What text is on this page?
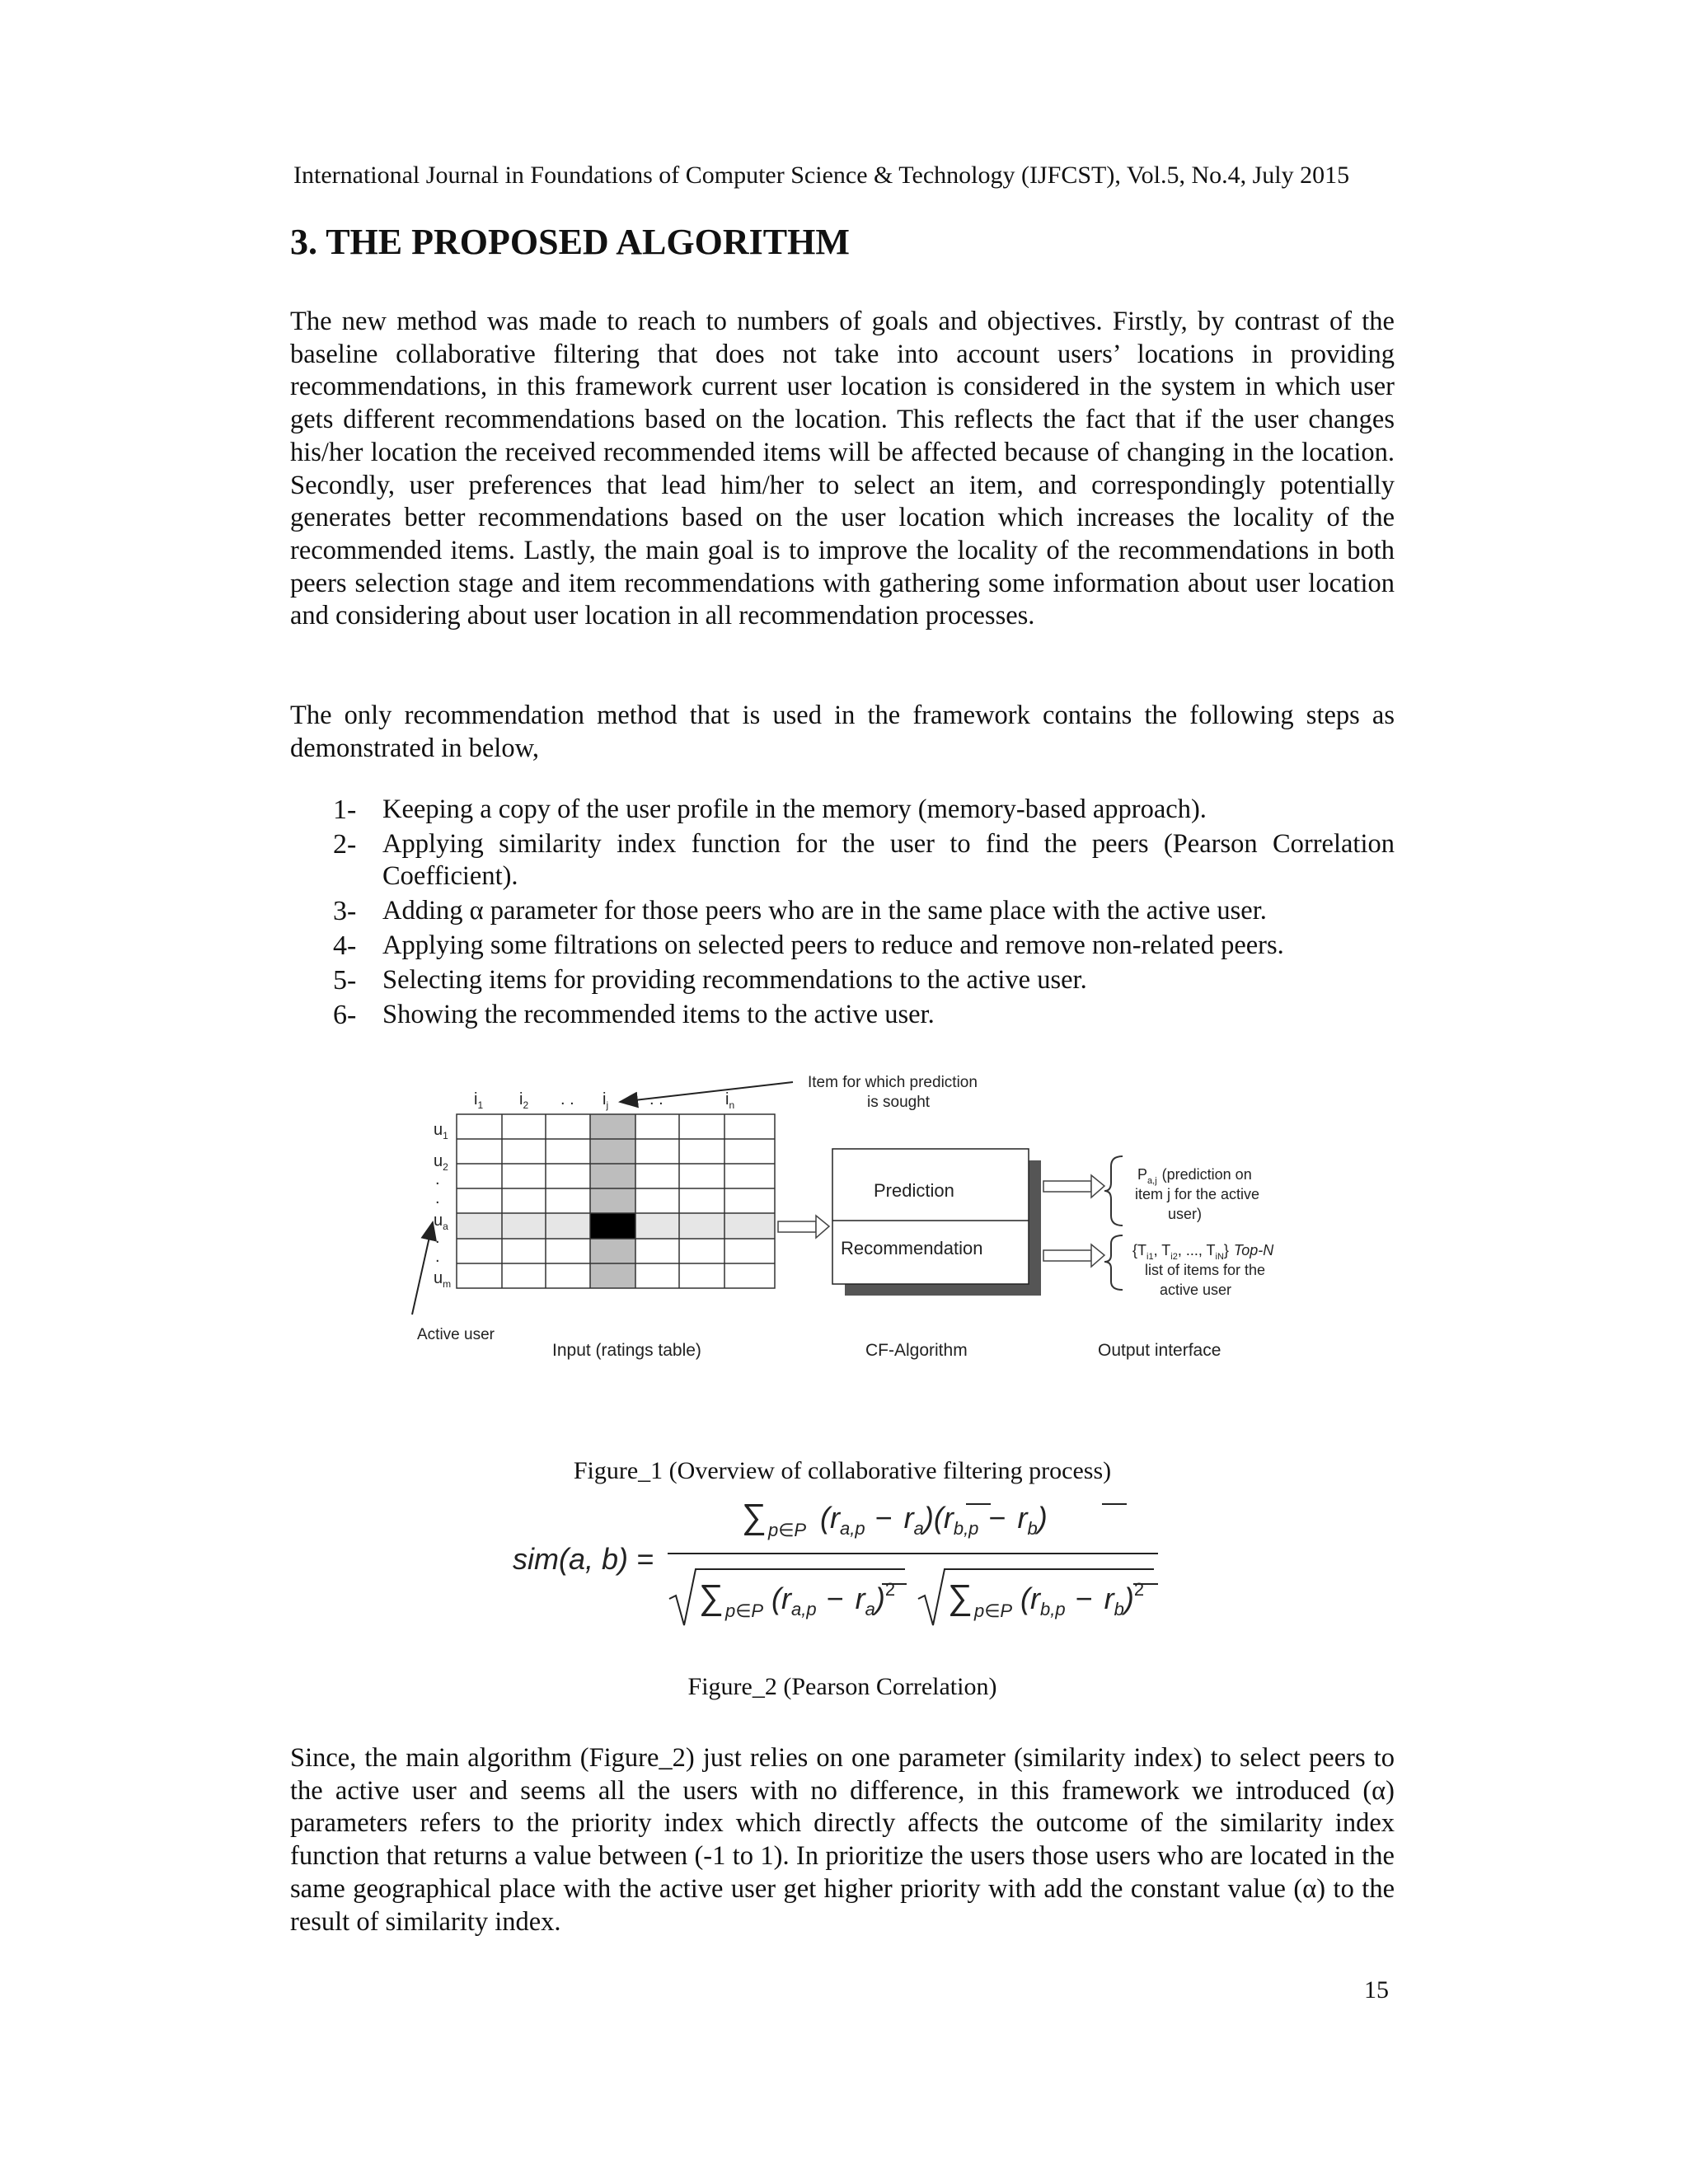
International Journal in Foundations of Computer Science & Technology (IJFCST), Vol.5, No.4, July 2015
3. THE PROPOSED ALGORITHM
The new method was made to reach to numbers of goals and objectives. Firstly, by contrast of the baseline collaborative filtering that does not take into account users’ locations in providing recommendations, in this framework current user location is considered in the system in which user gets different recommendations based on the location. This reflects the fact that if the user changes his/her location the received recommended items will be affected because of changing in the location. Secondly, user preferences that lead him/her to select an item, and correspondingly potentially generates better recommendations based on the user location which increases the locality of the recommended items. Lastly, the main goal is to improve the locality of the recommendations in both peers selection stage and item recommendations with gathering some information about user location and considering about user location in all recommendation processes.
The only recommendation method that is used in the framework contains the following steps as demonstrated in below,
1- Keeping a copy of the user profile in the memory (memory-based approach).
2- Applying similarity index function for the user to find the peers (Pearson Correlation Coefficient).
3- Adding α parameter for those peers who are in the same place with the active user.
4- Applying some filtrations on selected peers to reduce and remove non-related peers.
5- Selecting items for providing recommendations to the active user.
6- Showing the recommended items to the active user.
$i_1$ $i_2$ . . $i_j$ . .	$i_n$
$u_1$
$u_2$
.
.
$u_a$
.
.
$u_m$
Item for which prediction
is sought
Active user
Input (ratings table)
Prediction
Recommendation
CF-Algorithm
$P_{a,j}$ (prediction on
item j for the active
user)
{$T_{i1}$, $T_{i2}$, ..., $T_{iN}$} Top-N
list of items for the
active user
Output interface
Figure_1 (Overview of collaborative filtering process)
sim(a, b) =
∑ p∈P $(r_{a,p} - r_a)(r_{b,p} - r_b)$
∑ p∈P $(r_{a,p} - r_a)^2$ ∑ p∈P $(r_{b,p} - r_b)^2$
Figure_2 (Pearson Correlation)
Since, the main algorithm (Figure_2) just relies on one parameter (similarity index) to select peers to the active user and seems all the users with no difference, in this framework we introduced (α) parameters refers to the priority index which directly affects the outcome of the similarity index function that returns a value between (-1 to 1). In prioritize the users those users who are located in the same geographical place with the active user get higher priority with add the constant value (α) to the result of similarity index.
15
